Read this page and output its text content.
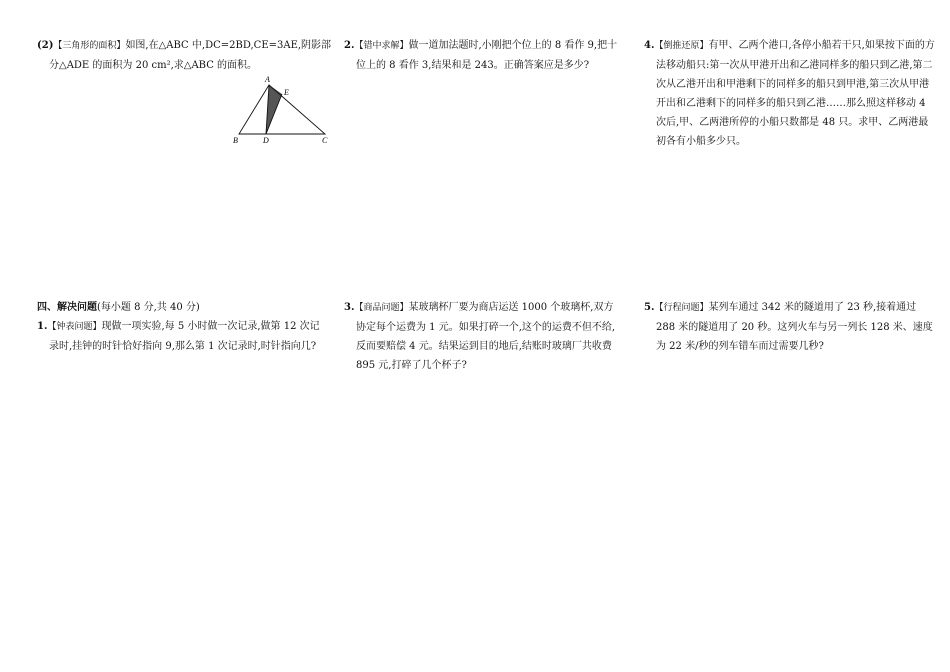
(2)【三角形的面积】如图,在△ABC 中,DC=2BD,CE=3AE,阴影部分△ADE 的面积为 20 cm²,求△ABC 的面积。
A
E
B	D	C
2.【错中求解】做一道加法题时,小刚把个位上的 8 看作 9,把十位上的 8 看作 3,结果和是 243。正确答案应是多少?
4.【倒推还原】有甲、乙两个港口,各停小船若干只,如果按下面的方法移动船只:第一次从甲港开出和乙港同样多的船只到乙港,第二次从乙港开出和甲港剩下的同样多的船只到甲港,第三次从甲港开出和乙港剩下的同样多的船只到乙港……那么照这样移动 4 次后,甲、乙两港所停的小船只数都是 48 只。求甲、乙两港最初各有小船多少只。
四、解决问题(每小题 8 分,共 40 分)
1.【钟表问题】现做一项实验,每 5 小时做一次记录,做第 12 次记录时,挂钟的时针恰好指向 9,那么第 1 次记录时,时针指向几?
3.【商品问题】某玻璃杯厂要为商店运送 1000 个玻璃杯,双方协定每个运费为 1 元。如果打碎一个,这个的运费不但不给,反而要赔偿 4 元。结果运到目的地后,结账时玻璃厂共收费 895 元,打碎了几个杯子?
5.【行程问题】某列车通过 342 米的隧道用了 23 秒,接着通过 288 米的隧道用了 20 秒。这列火车与另一列长 128 米、速度为 22 米/秒的列车错车而过需要几秒?
